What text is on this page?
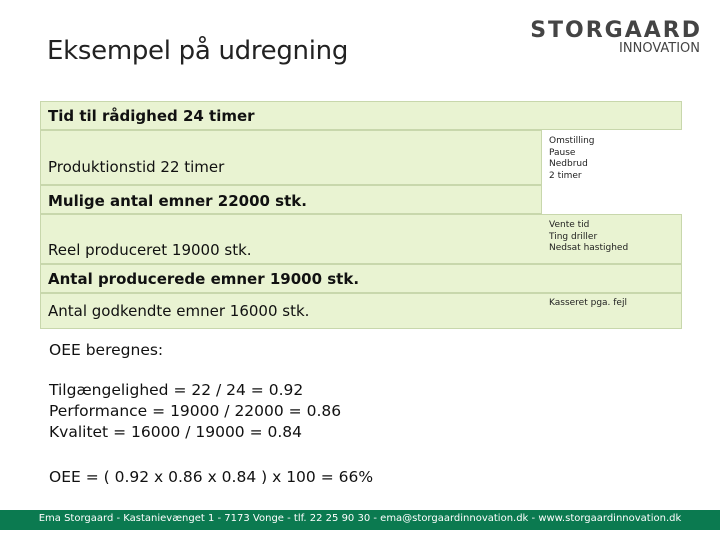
Eksempel på udregning
STORGAARD
INNOVATION
Tid til rådighed 24 timer
Produktionstid 22 timer
Omstilling
Pause
Nedbrud
2 timer
Mulige antal emner 22000 stk.
Reel produceret 19000 stk.
Vente tid
Ting driller
Nedsat hastighed
Antal producerede emner 19000 stk.
Antal godkendte emner 16000 stk.	Kasseret pga. fejl
OEE beregnes:
Tilgængelighed = 22 / 24 = 0.92
Performance = 19000 / 22000 = 0.86
Kvalitet = 16000 / 19000 = 0.84
OEE = ( 0.92 x 0.86 x 0.84 ) x 100 = 66%
Ema Storgaard - Kastanievænget 1 - 7173 Vonge - tlf. 22 25 90 30 - ema@storgaardinnovation.dk - www.storgaardinnovation.dk
